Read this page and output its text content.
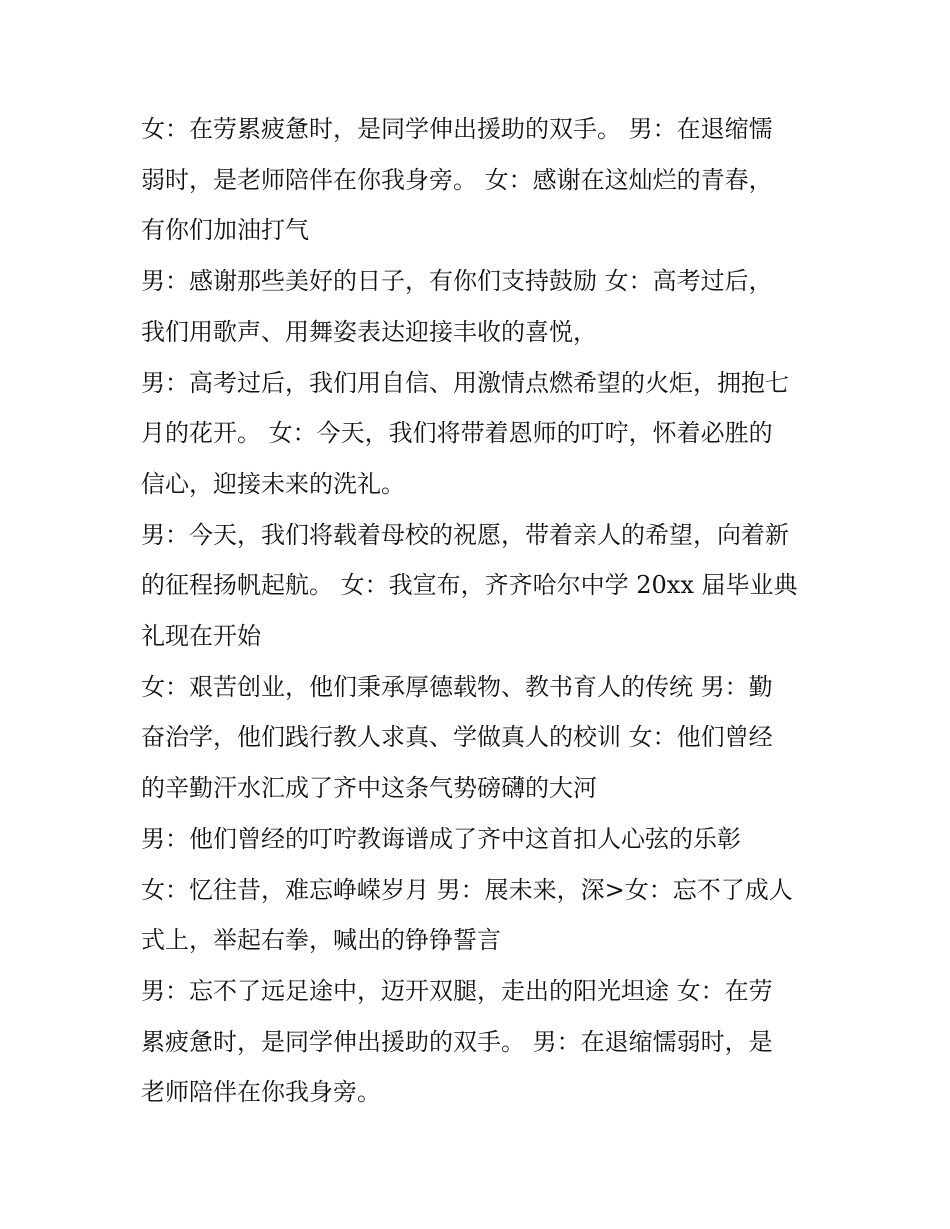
女：在劳累疲惫时，是同学伸出援助的双手。 男：在退缩懦
弱时，是老师陪伴在你我身旁。 女：感谢在这灿烂的青春，
有你们加油打气
男：感谢那些美好的日子，有你们支持鼓励 女：高考过后，
我们用歌声、用舞姿表达迎接丰收的喜悦，
男：高考过后，我们用自信、用激情点燃希望的火炬，拥抱七
月的花开。 女：今天，我们将带着恩师的叮咛，怀着必胜的
信心，迎接未来的洗礼。
男：今天，我们将载着母校的祝愿，带着亲人的希望，向着新
的征程扬帆起航。 女：我宣布，齐齐哈尔中学 20xx 届毕业典
礼现在开始
女：艰苦创业，他们秉承厚德载物、教书育人的传统 男：勤
奋治学，他们践行教人求真、学做真人的校训 女：他们曾经
的辛勤汗水汇成了齐中这条气势磅礴的大河
男：他们曾经的叮咛教诲谱成了齐中这首扣人心弦的乐彰
女：忆往昔，难忘峥嵘岁月 男：展未来，深>女：忘不了成人
式上，举起右拳，喊出的铮铮誓言
男：忘不了远足途中，迈开双腿，走出的阳光坦途 女：在劳
累疲惫时，是同学伸出援助的双手。 男：在退缩懦弱时，是
老师陪伴在你我身旁。
